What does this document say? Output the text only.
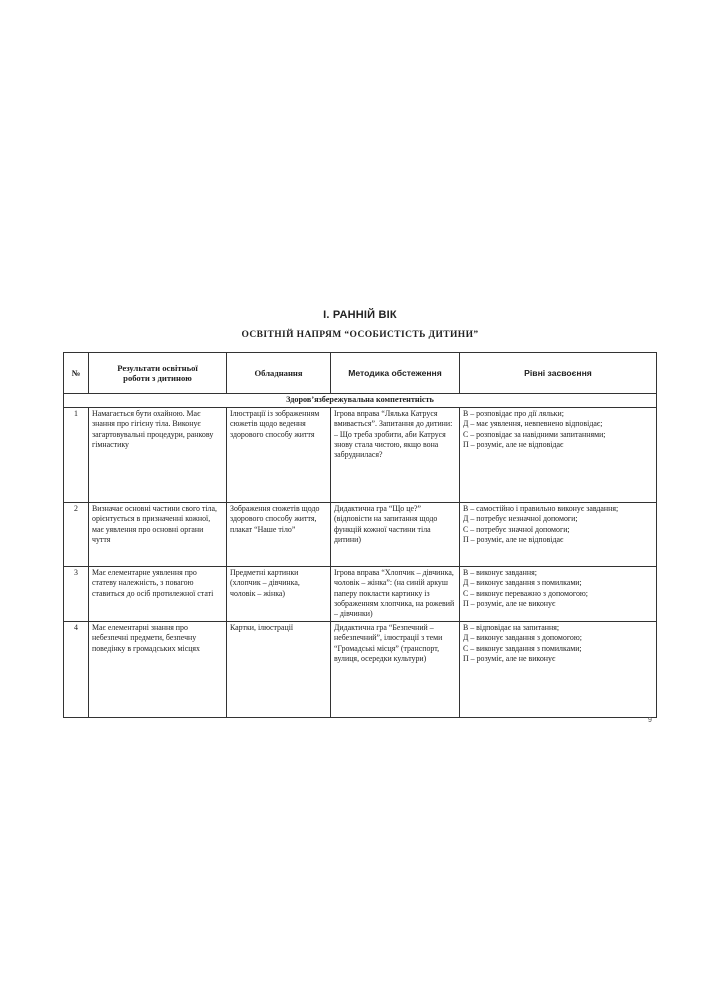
І. РАННІЙ ВІК
ОСВІТНІЙ НАПРЯМ “ОСОБИСТІСТЬ ДИТИНИ”
№	Результати освітньої роботи з дитиною	Обладнання	Методика обстеження	Рівні засвоєння
Здоров’язбережувальна компетентність				
1	Намагається бути охайною. Має знання про гігієну тіла. Виконує загартовувальні процедури, ранкову гімнастику	Ілюстрації із зображенням сюжетів щодо ведення здорового способу життя	Ігрова вправа “Лялька Катруся вмивається”. Запитання до дитини: – Що треба зробити, аби Катруся знову стала чистою, якщо вона забруднилася?	В – розповідає про дії ляльки;
Д – має уявлення, невпевнено відповідає;
С – розповідає за навідними запитаннями;
П – розуміє, але не відповідає

2	Визначає основні частини свого тіла, орієнтується в призначенні кожної, має уявлення про основні органи чуття	Зображення сюжетів щодо здорового способу життя, плакат “Наше тіло”	Дидактична гра “Що це?” (відповісти на запитання щодо функцій кожної частини тіла дитини)	В – самостійно і правильно виконує завдання;
Д – потребує незначної допомоги;
С – потребує значної допомоги;
П – розуміє, але не відповідає

3	Має елементарне уявлення про статеву належність, з повагою ставиться до осіб протилежної статі	Предметні картинки (хлопчик – дівчинка, чоловік – жінка)	Ігрова вправа “Хлопчик – дівчинка, чоловік – жінка”: (на синій аркуш паперу покласти картинку із зображенням хлопчика, на рожевий – дівчинки)	В – виконує завдання;
Д – виконує завдання з помилками;
С – виконує переважно з допомогою;
П – розуміє, але не виконує

4	Має елементарні знання про небезпечні предмети, безпечну поведінку в громадських місцях	Картки, ілюстрації	Дидактична гра “Безпечний – небезпечний”, ілюстрації з теми “Громадські місця” (транспорт, вулиця, осередки культури)	В – відповідає на запитання;
Д – виконує завдання з допомогою;
С – виконує завдання з помилками;
П – розуміє, але не виконує
9
